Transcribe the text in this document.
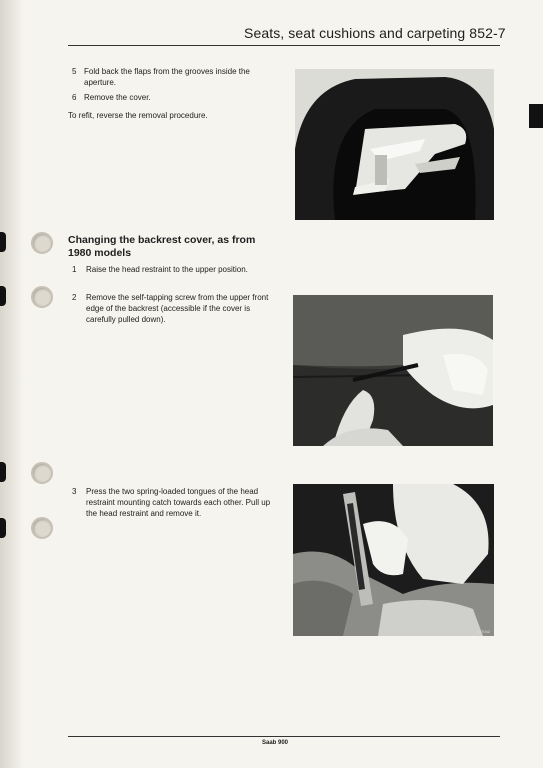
Seats, seat cushions and carpeting 852-7
5 Fold back the flaps from the grooves inside the aperture.
6 Remove the cover.
To refit, reverse the removal procedure.
Changing the backrest cover, as from 1980 models
1	Raise the head restraint to the upper position.
2	Remove the self-tapping screw from the upper front edge of the backrest (accessible if the cover is carefully pulled down).
3	Press the two spring-loaded tongues of the head restraint mounting catch towards each other. Pull up the head restraint and remove it.
A·7042
Saab 900
